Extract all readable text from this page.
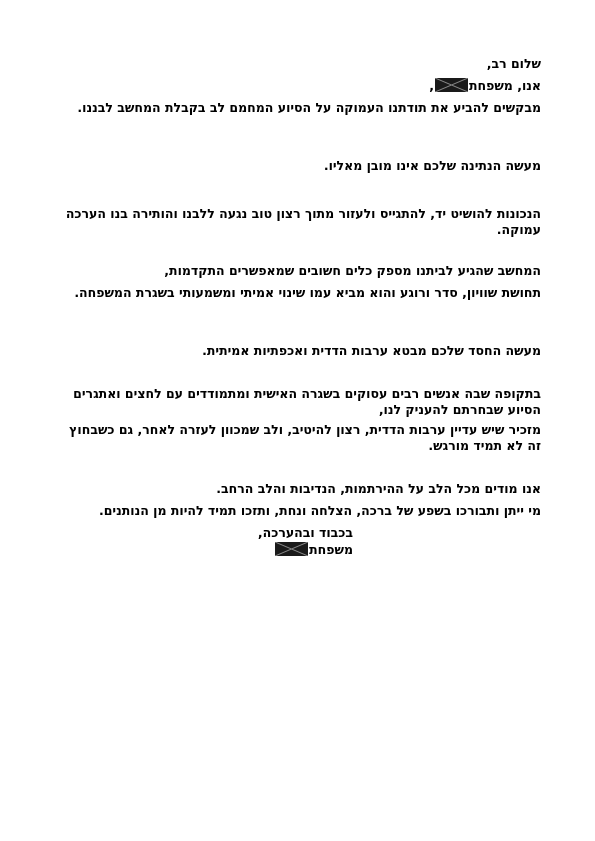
שלום רב,
אנו, משפחת
,
מבקשים להביע את תודתנו העמוקה על הסיוע המחמם לב בקבלת המחשב לבננו.
מעשה הנתינה שלכם אינו מובן מאליו.
הנכונות להושיט יד, להתגייס ולעזור מתוך רצון טוב נגעה ללבנו והותירה בנו הערכה עמוקה.
המחשב שהגיע לביתנו מספק כלים חשובים שמאפשרים התקדמות,
תחושת שוויון, סדר ורוגע והוא מביא עמו שינוי אמיתי ומשמעותי בשגרת המשפחה.
מעשה החסד שלכם מבטא ערבות הדדית ואכפתיות אמיתית.
בתקופה שבה אנשים רבים עסוקים בשגרה האישית ומתמודדים עם לחצים ואתגרים הסיוע שבחרתם להעניק לנו,
מזכיר שיש עדיין ערבות הדדית, רצון להיטיב, ולב שמכוון לעזרה לאחר, גם כשבחוץ זה לא תמיד מורגש.
אנו מודים מכל הלב על ההירתמות, הנדיבות והלב הרחב.
מי ייתן ותבורכו בשפע של ברכה, הצלחה ונחת, ותזכו תמיד להיות מן הנותנים.
בכבוד ובהערכה,
משפחת
